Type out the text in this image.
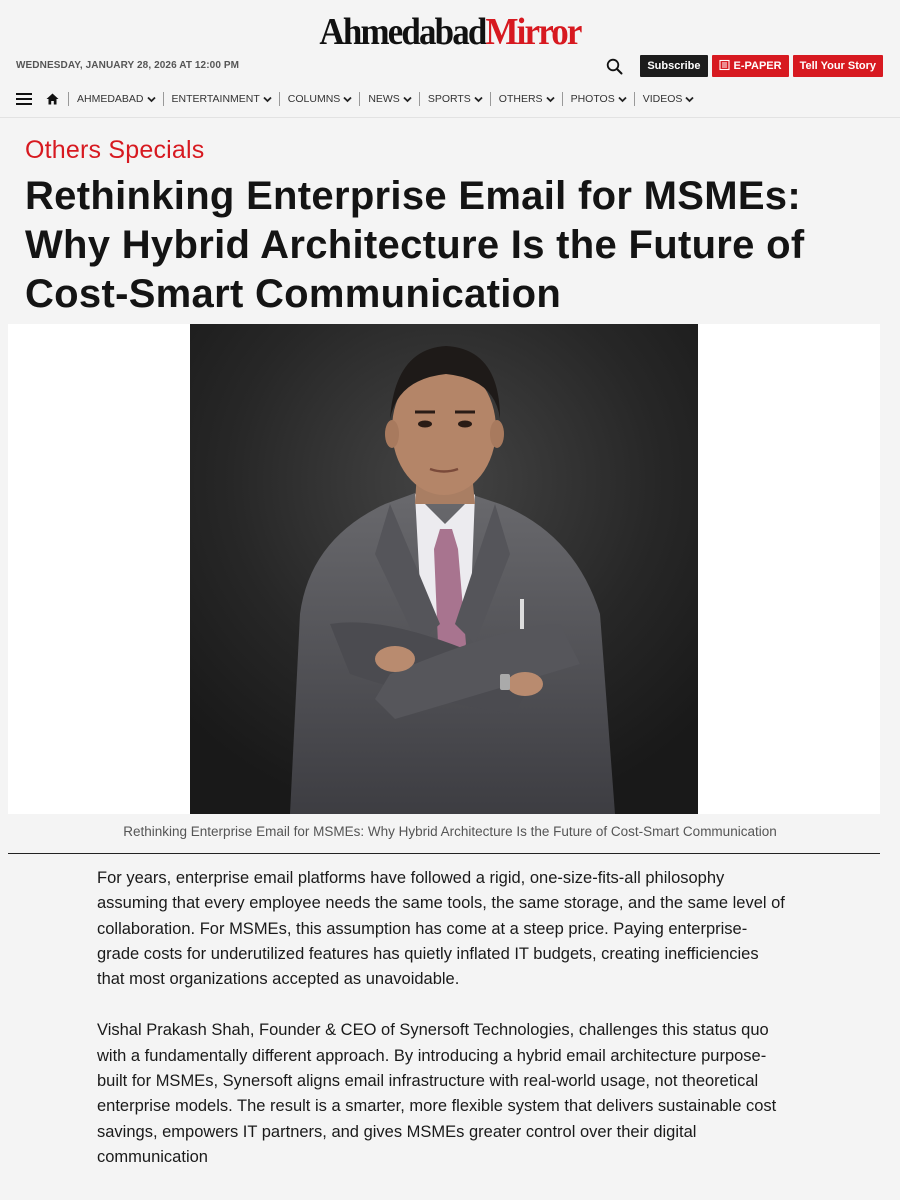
AhmedabadMirror
WEDNESDAY, JANUARY 28, 2026 AT 12:00 PM	Subscribe	E-PAPER	Tell Your Story
AHMEDABAD	ENTERTAINMENT	COLUMNS	NEWS	SPORTS	OTHERS	PHOTOS	VIDEOS
Others Specials
Rethinking Enterprise Email for MSMEs: Why Hybrid Architecture Is the Future of Cost-Smart Communication
Rethinking Enterprise Email for MSMEs: Why Hybrid Architecture Is the Future of Cost-Smart Communication

For years, enterprise email platforms have followed a rigid, one-size-fits-all philosophy assuming that every employee needs the same tools, the same storage, and the same level of collaboration. For MSMEs, this assumption has come at a steep price. Paying enterprise-grade costs for underutilized features has quietly inflated IT budgets, creating inefficiencies that most organizations accepted as unavoidable.

Vishal Prakash Shah, Founder & CEO of Synersoft Technologies, challenges this status quo with a fundamentally different approach. By introducing a hybrid email architecture purpose-built for MSMEs, Synersoft aligns email infrastructure with real-world usage, not theoretical enterprise models. The result is a smarter, more flexible system that delivers sustainable cost savings, empowers IT partners, and gives MSMEs greater control over their digital communication
